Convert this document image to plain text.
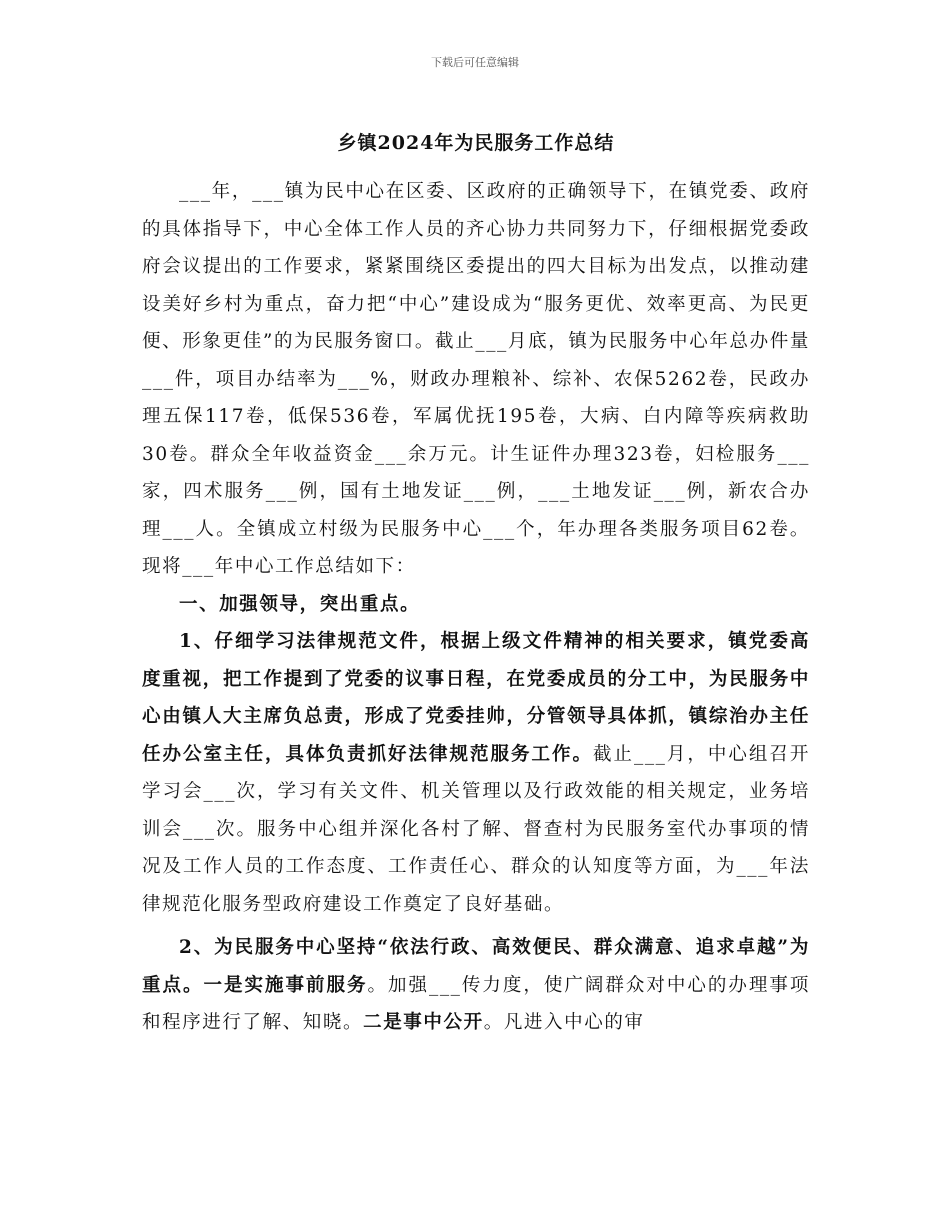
下载后可任意编辑
乡镇2024年为民服务工作总结

___年，___镇为民中心在区委、区政府的正确领导下，在镇党委、政府的具体指导下，中心全体工作人员的齐心协力共同努力下，仔细根据党委政府会议提出的工作要求，紧紧围绕区委提出的四大目标为出发点，以推动建设美好乡村为重点，奋力把“中心”建设成为“服务更优、效率更高、为民更便、形象更佳”的为民服务窗口。截止___月底，镇为民服务中心年总办件量___件，项目办结率为___%，财政办理粮补、综补、农保5262卷，民政办理五保117卷，低保536卷，军属优抚195卷，大病、白内障等疾病救助30卷。群众全年收益资金___余万元。计生证件办理323卷，妇检服务___家，四术服务___例，国有土地发证___例，___土地发证___例，新农合办理___人。全镇成立村级为民服务中心___个，年办理各类服务项目62卷。现将___年中心工作总结如下：

一、加强领导，突出重点。

1、仔细学习法律规范文件，根据上级文件精神的相关要求，镇党委高度重视，把工作提到了党委的议事日程，在党委成员的分工中，为民服务中心由镇人大主席负总责，形成了党委挂帅，分管领导具体抓，镇综治办主任任办公室主任，具体负责抓好法律规范服务工作。截止___月，中心组召开学习会___次，学习有关文件、机关管理以及行政效能的相关规定，业务培训会___次。服务中心组并深化各村了解、督查村为民服务室代办事项的情况及工作人员的工作态度、工作责任心、群众的认知度等方面，为___年法律规范化服务型政府建设工作奠定了良好基础。

2、为民服务中心坚持“依法行政、高效便民、群众满意、追求卓越”为重点。一是实施事前服务。加强___传力度，使广阔群众对中心的办理事项和程序进行了解、知晓。二是事中公开。凡进入中心的审
